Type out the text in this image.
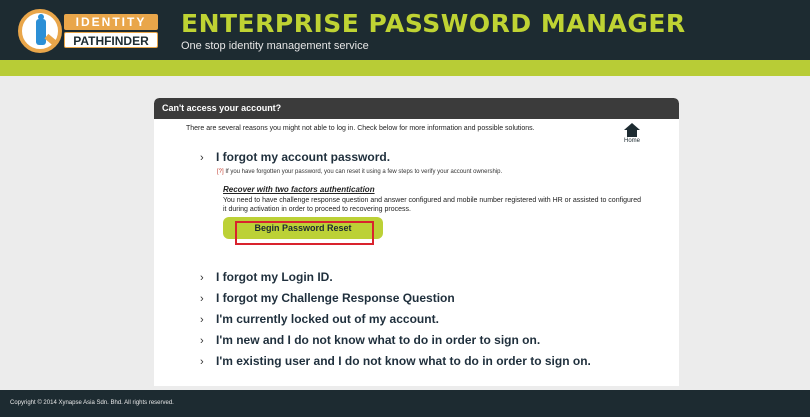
IDENTITY
PATHFINDER
ENTERPRISE PASSWORD MANAGER
One stop identity management service
Can't access your account?
There are several reasons you might not able to log in. Check below for more information and possible solutions.
Home
› I forgot my account password.
[?] If you have forgotten your password, you can reset it using a few steps to verify your account ownership.
Recover with two factors authentication
You need to have challenge response question and answer configured and mobile number registered with HR or assisted to configured it during activation in order to proceed to recovering process.
Begin Password Reset
› I forgot my Login ID.
› I forgot my Challenge Response Question
› I'm currently locked out of my account.
› I'm new and I do not know what to do in order to sign on.
› I'm existing user and I do not know what to do in order to sign on.
Copyright © 2014 Xynapse Asia Sdn. Bhd. All rights reserved.
